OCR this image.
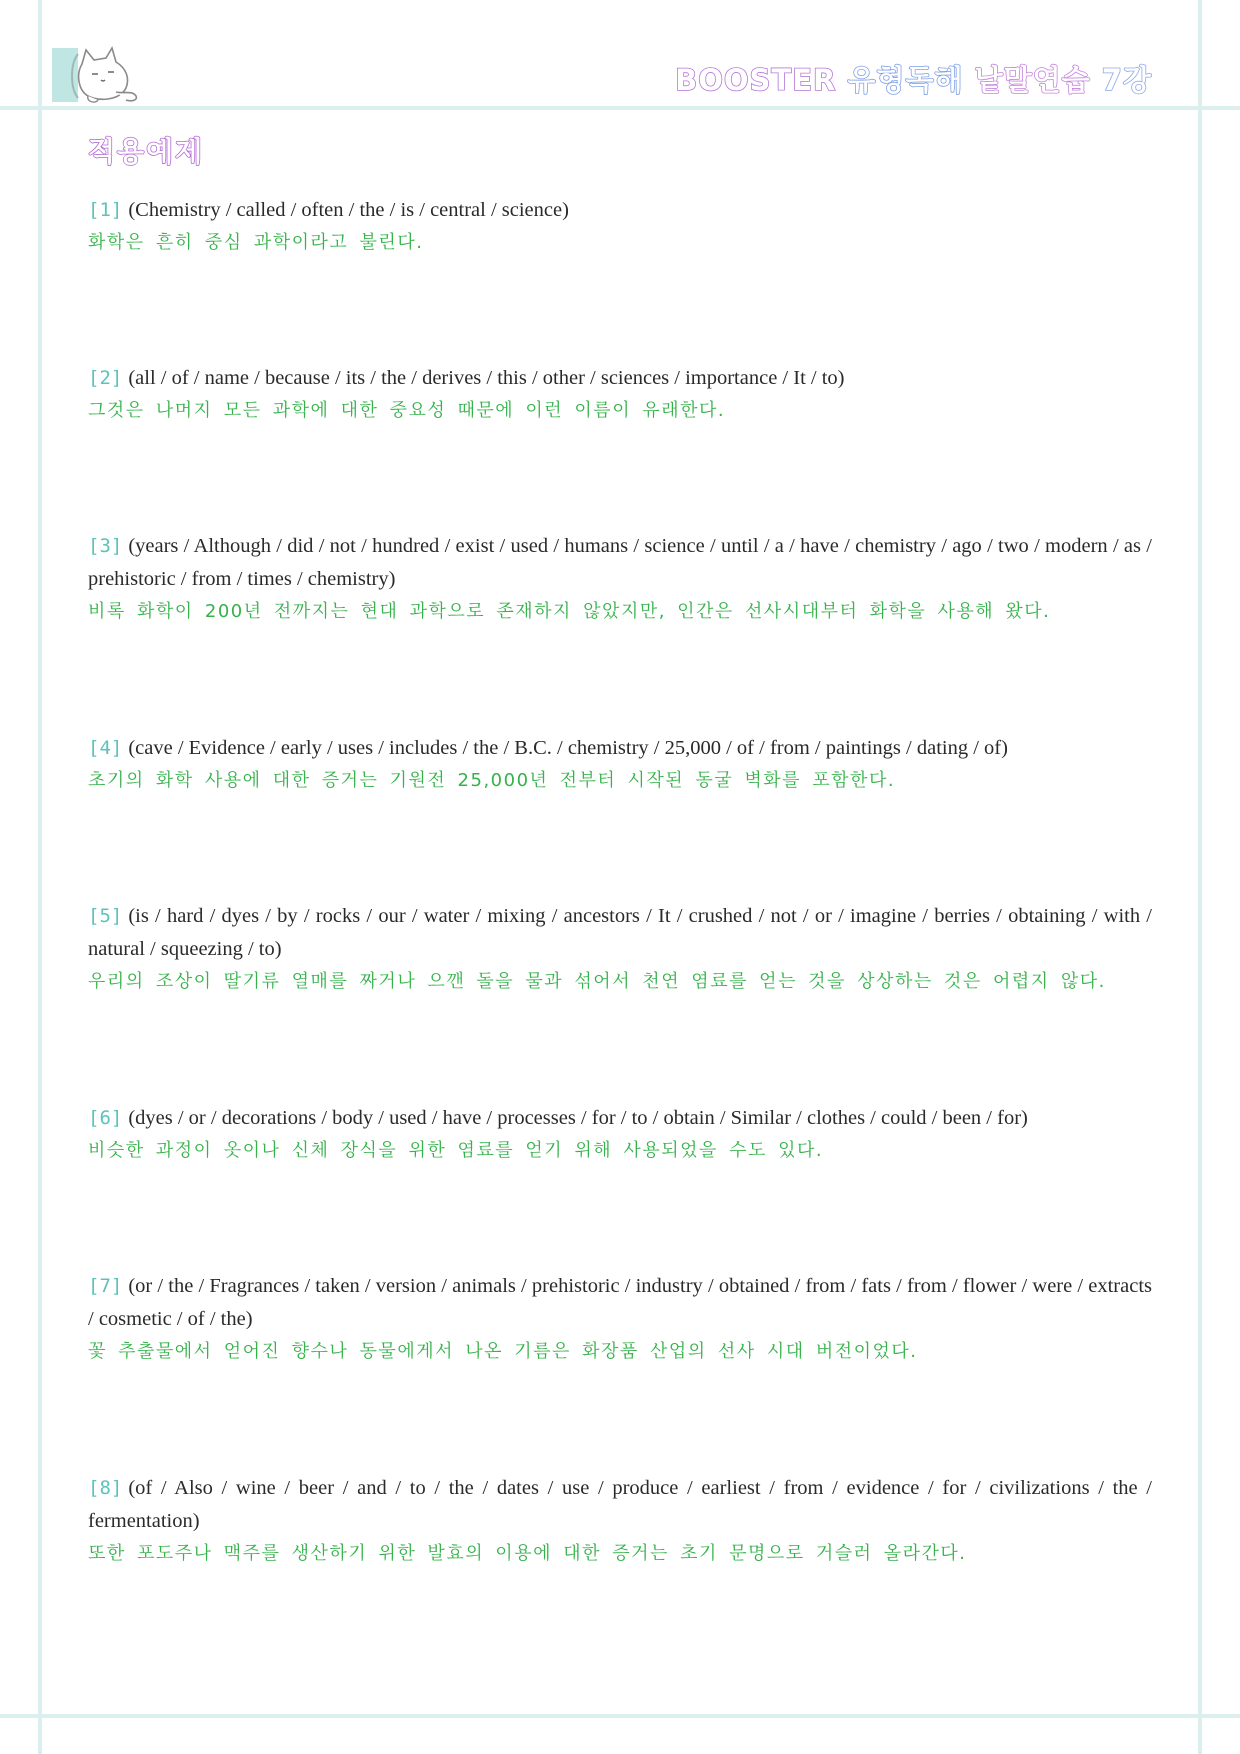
BOOSTER 유형독해 낱말연습 7강
적용예제
[1] (Chemistry / called / often / the / is / central / science)
화학은 흔히 중심 과학이라고 불린다.
[2] (all / of / name / because / its / the / derives / this / other / sciences / importance / It / to)
그것은 나머지 모든 과학에 대한 중요성 때문에 이런 이름이 유래한다.
[3] (years / Although / did / not / hundred / exist / used / humans / science / until / a / have / chemistry / ago / two / modern / as / prehistoric / from / times / chemistry)
비록 화학이 200년 전까지는 현대 과학으로 존재하지 않았지만, 인간은 선사시대부터 화학을 사용해 왔다.
[4] (cave / Evidence / early / uses / includes / the / B.C. / chemistry / 25,000 / of / from / paintings / dating / of)
초기의 화학 사용에 대한 증거는 기원전 25,000년 전부터 시작된 동굴 벽화를 포함한다.
[5] (is / hard / dyes / by / rocks / our / water / mixing / ancestors / It / crushed / not / or / imagine / berries / obtaining / with / natural / squeezing / to)
우리의 조상이 딸기류 열매를 짜거나 으깬 돌을 물과 섞어서 천연 염료를 얻는 것을 상상하는 것은 어렵지 않다.
[6] (dyes / or / decorations / body / used / have / processes / for / to / obtain / Similar / clothes / could / been / for)
비슷한 과정이 옷이나 신체 장식을 위한 염료를 얻기 위해 사용되었을 수도 있다.
[7] (or / the / Fragrances / taken / version / animals / prehistoric / industry / obtained / from / fats / from / flower / were / extracts / cosmetic / of / the)
꽃 추출물에서 얻어진 향수나 동물에게서 나온 기름은 화장품 산업의 선사 시대 버전이었다.
[8] (of / Also / wine / beer / and / to / the / dates / use / produce / earliest / from / evidence / for / civilizations / the / fermentation)
또한 포도주나 맥주를 생산하기 위한 발효의 이용에 대한 증거는 초기 문명으로 거슬러 올라간다.
